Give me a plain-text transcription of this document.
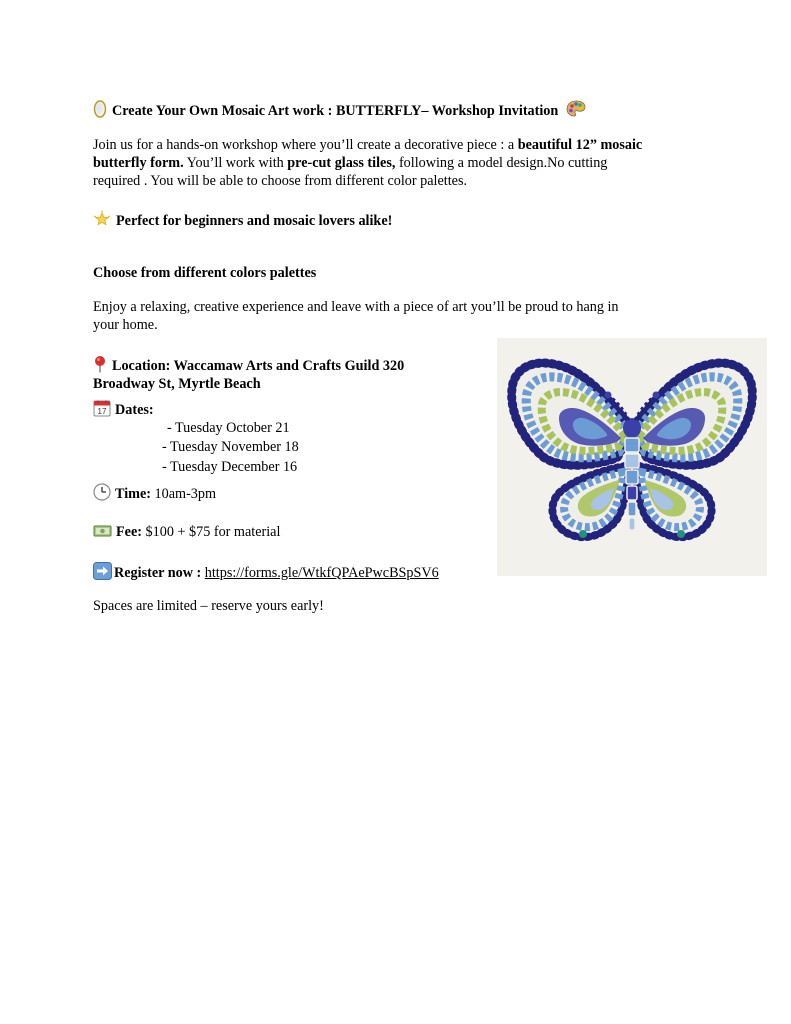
Create Your Own Mosaic Art work : BUTTERFLY– Workshop Invitation
Join us for a hands-on workshop where you’ll create a decorative piece : a beautiful 12” mosaic
butterfly form. You’ll work with pre-cut glass tiles, following a model design.No cutting
required . You will be able to choose from different color palettes.
Perfect for beginners and mosaic lovers alike!
Choose from different colors palettes
Enjoy a relaxing, creative experience and leave with a piece of art you’ll be proud to hang in
your home.
Location: Waccamaw Arts and Crafts Guild 320
Broadway St, Myrtle Beach
17 Dates:
- Tuesday October 21
- Tuesday November 18
- Tuesday December 16
Time: 10am-3pm
Fee: $100 + $75 for material
Register now : https://forms.gle/WtkfQPAePwcBSpSV6
Spaces are limited – reserve yours early!
